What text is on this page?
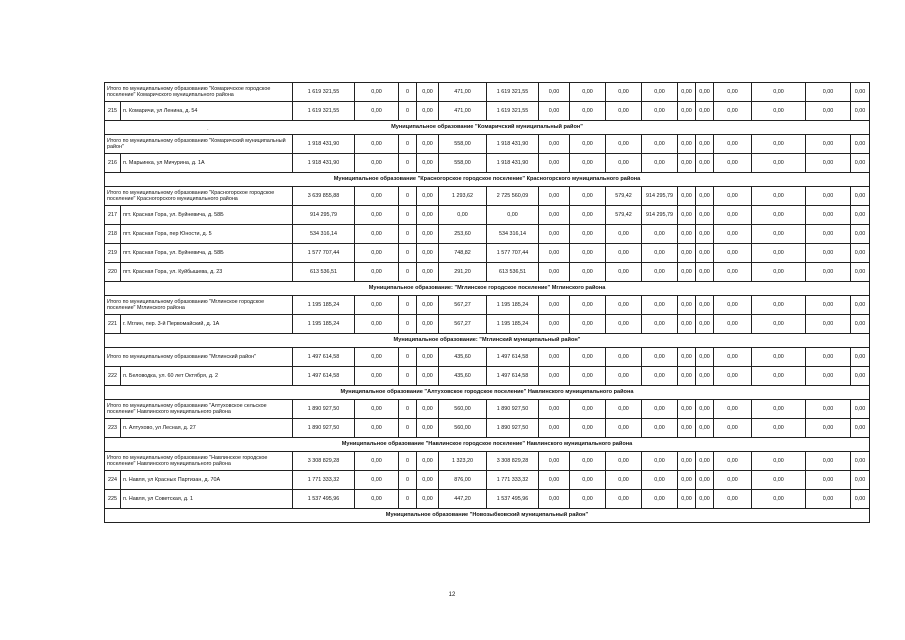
Итого по муниципальному образованию "Комаричское городское поселение" Комаричского муниципального района		1 619 321,55	0,00	0	0,00	471,00	1 619 321,55	0,00	0,00	0,00	0,00	0,00	0,00	0,00	0,00	0,00	0,00
215	п. Комаричи, ул Ленина, д. 54	1 619 321,55	0,00	0	0,00	471,00	1 619 321,55	0,00	0,00	0,00	0,00	0,00	0,00	0,00	0,00	0,00	0,00
Муниципальное образование "Комаричский муниципальный район"																	
Итого по муниципальному образованию "Комаричский муниципальный район"		1 918 431,90	0,00	0	0,00	558,00	1 918 431,90	0,00	0,00	0,00	0,00	0,00	0,00	0,00	0,00	0,00	0,00
216	п. Марьинка, ул Мичурина, д. 1А	1 918 431,90	0,00	0	0,00	558,00	1 918 431,90	0,00	0,00	0,00	0,00	0,00	0,00	0,00	0,00	0,00	0,00
Муниципальное образование "Красногорское городское поселение" Красногорского муниципального района																	
Итого по муниципальному образованию "Красногорское городское поселение" Красногорского муниципального района		3 639 855,88	0,00	0	0,00	1 293,62	2 725 560,09	0,00	0,00	579,42	914 295,79	0,00	0,00	0,00	0,00	0,00	0,00
217	пгт. Красная Гора, ул. Буйневича, д. 58Б	914 295,79	0,00	0	0,00	0,00	0,00	0,00	0,00	579,42	914 295,79	0,00	0,00	0,00	0,00	0,00	0,00
218	пгт. Красная Гора, пер Юности, д. 5	534 316,14	0,00	0	0,00	253,60	534 316,14	0,00	0,00	0,00	0,00	0,00	0,00	0,00	0,00	0,00	0,00
219	пгт. Красная Гора, ул. Буйневича, д. 58Б	1 577 707,44	0,00	0	0,00	748,82	1 577 707,44	0,00	0,00	0,00	0,00	0,00	0,00	0,00	0,00	0,00	0,00
220	пгт. Красная Гора, ул. Куйбышева, д. 23	613 536,51	0,00	0	0,00	291,20	613 536,51	0,00	0,00	0,00	0,00	0,00	0,00	0,00	0,00	0,00	0,00
Муниципальное образование: "Мглинское городское поселение" Мглинского района																	
Итого по муниципальному образованию "Мглинское городское поселение" Мглинского района		1 195 185,24	0,00	0	0,00	567,27	1 195 185,24	0,00	0,00	0,00	0,00	0,00	0,00	0,00	0,00	0,00	0,00
221	г. Мглин, пер. 3-й Первомайский, д. 1А	1 195 185,24	0,00	0	0,00	567,27	1 195 185,24	0,00	0,00	0,00	0,00	0,00	0,00	0,00	0,00	0,00	0,00
Муниципальное образование: "Мглинский муниципальный район"																	
Итого по муниципальному образованию "Мглинский район"		1 497 614,58	0,00	0	0,00	435,60	1 497 614,58	0,00	0,00	0,00	0,00	0,00	0,00	0,00	0,00	0,00	0,00
222	п. Беловодка, ул. 60 лет Октября, д. 2	1 497 614,58	0,00	0	0,00	435,60	1 497 614,58	0,00	0,00	0,00	0,00	0,00	0,00	0,00	0,00	0,00	0,00
Муниципальное образование "Алтуховское городское поселение" Навлинского муниципального района																	
Итого по муниципальному образованию "Алтуховское сельское поселение" Навлинского муниципального района		1 890 927,50	0,00	0	0,00	560,00	1 890 927,50	0,00	0,00	0,00	0,00	0,00	0,00	0,00	0,00	0,00	0,00
223	п. Алтухово, ул Лесная, д. 27	1 890 927,50	0,00	0	0,00	560,00	1 890 927,50	0,00	0,00	0,00	0,00	0,00	0,00	0,00	0,00	0,00	0,00
Муниципальное образование "Навлинское городское поселение" Навлинского муниципального района																	
Итого по муниципальному образованию "Навлинское городское поселение" Навлинского муниципального района		3 308 829,28	0,00	0	0,00	1 323,20	3 308 829,28	0,00	0,00	0,00	0,00	0,00	0,00	0,00	0,00	0,00	0,00
224	п. Навля, ул Красных Партизан, д. 70А	1 771 333,32	0,00	0	0,00	876,00	1 771 333,32	0,00	0,00	0,00	0,00	0,00	0,00	0,00	0,00	0,00	0,00
225	п. Навля, ул Советская, д. 1	1 537 495,96	0,00	0	0,00	447,20	1 537 495,96	0,00	0,00	0,00	0,00	0,00	0,00	0,00	0,00	0,00	0,00
Муниципальное образование "Новозыбковский муниципальный район"																	
·
12
